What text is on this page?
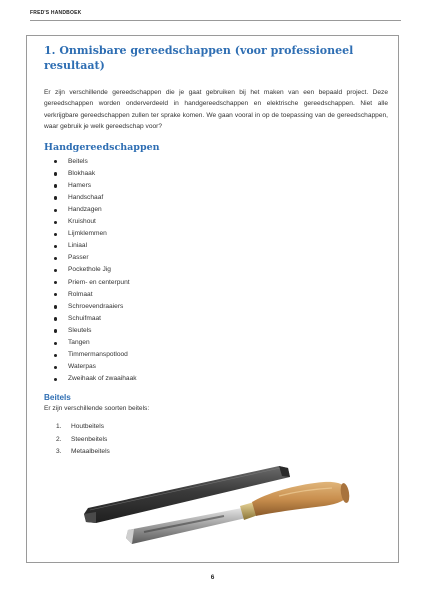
FRED'S HANDBOEK
1. Onmisbare gereedschappen (voor professioneel resultaat)

Er zijn verschillende gereedschappen die je gaat gebruiken bij het maken van een bepaald project. Deze gereedschappen worden onderverdeeld in handgereedschappen en elektrische gereedschappen. Niet alle verkrijgbare gereedschappen zullen ter sprake komen. We gaan vooral in op de toepassing van de gereedschappen, waar gebruik je welk gereedschap voor?

Handgereedschappen
Beitels
Blokhaak
Hamers
Handschaaf
Handzagen
Kruishout
Lijmklemmen
Liniaal
Passer
Pockethole Jig
Priem- en centerpunt
Rolmaat
Schroevendraaiers
Schuifmaat
Sleutels
Tangen
Timmermanspotlood
Waterpas
Zweihaak of zwaaihaak
Beitels

Er zijn verschillende soorten beitels:

1. Houtbeitels
2. Steenbeitels
3. Metaalbeitels
6
